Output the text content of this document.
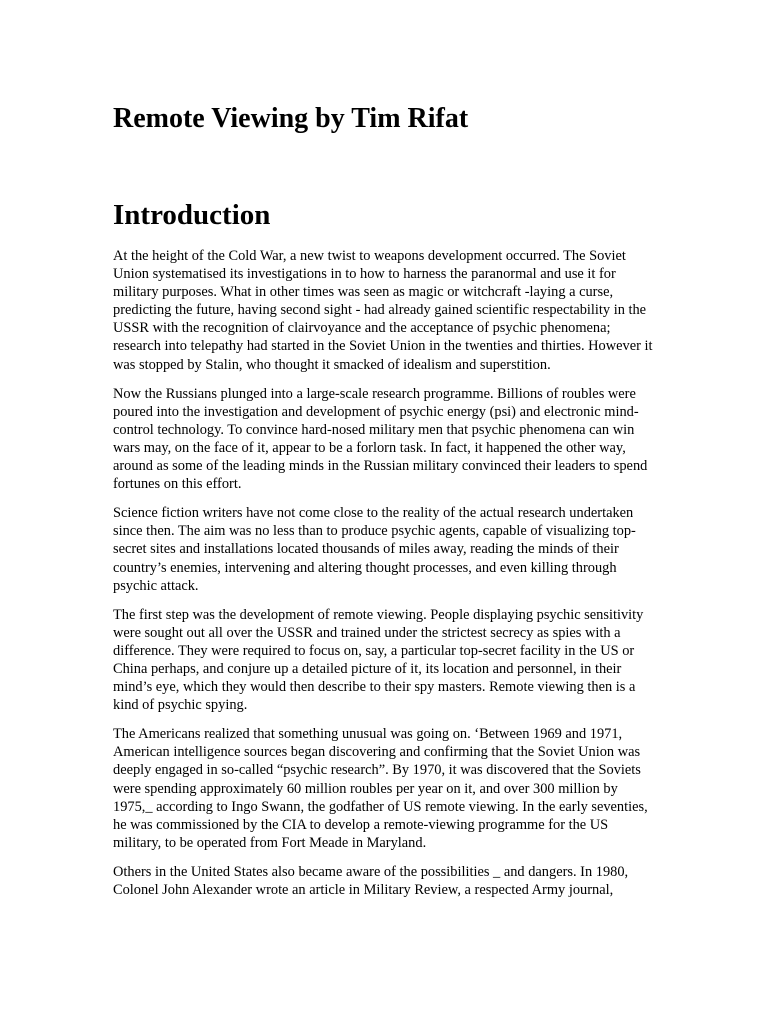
Remote Viewing by Tim Rifat
Introduction

At the height of the Cold War, a new twist to weapons development occurred. The Soviet Union systematised its investigations in to how to harness the paranormal and use it for military purposes. What in other times was seen as magic or witchcraft -laying a curse, predicting the future, having second sight - had already gained scientific respectability in the USSR with the recognition of clairvoyance and the acceptance of psychic phenomena; research into telepathy had started in the Soviet Union in the twenties and thirties. However it was stopped by Stalin, who thought it smacked of idealism and superstition.

Now the Russians plunged into a large-scale research programme. Billions of roubles were poured into the investigation and development of psychic energy (psi) and electronic mind-control technology. To convince hard-nosed military men that psychic phenomena can win wars may, on the face of it, appear to be a forlorn task. In fact, it happened the other way, around as some of the leading minds in the Russian military convinced their leaders to spend fortunes on this effort.

Science fiction writers have not come close to the reality of the actual research undertaken since then. The aim was no less than to produce psychic agents, capable of visualizing top-secret sites and installations located thousands of miles away, reading the minds of their country’s enemies, intervening and altering thought processes, and even killing through psychic attack.

The first step was the development of remote viewing. People displaying psychic sensitivity were sought out all over the USSR and trained under the strictest secrecy as spies with a difference. They were required to focus on, say, a particular top-secret facility in the US or China perhaps, and conjure up a detailed picture of it, its location and personnel, in their mind’s eye, which they would then describe to their spy masters. Remote viewing then is a kind of psychic spying.

The Americans realized that something unusual was going on. ‘Between 1969 and 1971, American intelligence sources began discovering and confirming that the Soviet Union was deeply engaged in so-called “psychic research”. By 1970, it was discovered that the Soviets were spending approximately 60 million roubles per year on it, and over 300 million by 1975,_ according to Ingo Swann, the godfather of US remote viewing. In the early seventies, he was commissioned by the CIA to develop a remote-viewing programme for the US military, to be operated from Fort Meade in Maryland.

Others in the United States also became aware of the possibilities _ and dangers. In 1980, Colonel John Alexander wrote an article in Military Review, a respected Army journal,
